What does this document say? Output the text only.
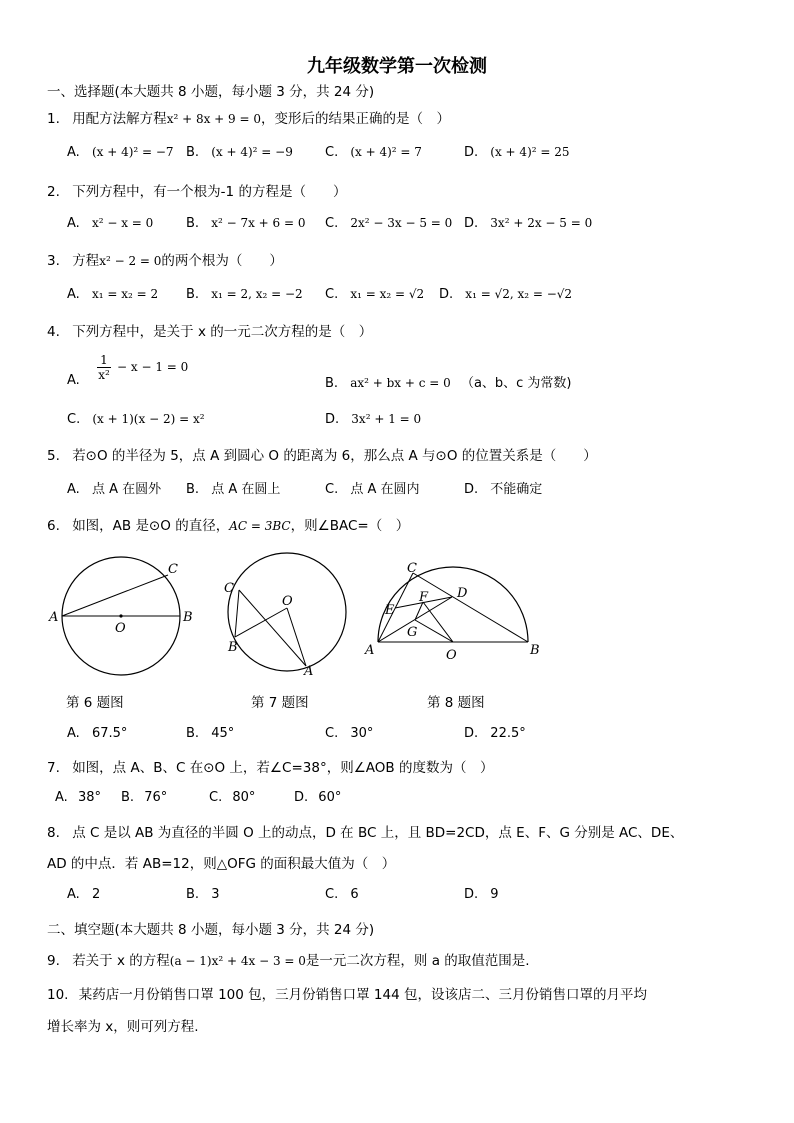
九年级数学第一次检测
一、选择题(本大题共 8 小题，每小题 3 分，共 24 分)
1. 用配方法解方程x² + 8x + 9 = 0，变形后的结果正确的是（　）
A. (x + 4)² = −7 B. (x + 4)² = −9 C. (x + 4)² = 7	D. (x + 4)² = 25
2. 下列方程中，有一个根为-1 的方程是（　　）
A. x² − x = 0	B. x² − 7x + 6 = 0 C. 2x² − 3x − 5 = 0 D. 3x² + 2x − 5 = 0
3. 方程x² − 2 = 0的两个根为（　　）
A. x₁ = x₂ = 2 B. x₁ = 2, x₂ = −2 C. x₁ = x₂ = √2 D. x₁ = √2, x₂ = −√2
4. 下列方程中，是关于 x 的一元二次方程的是（　）
A.
1
x²
− x − 1 = 0
B. ax² + bx + c = 0 （a、b、c 为常数)
C. (x + 1)(x − 2) = x²	D. 3x² + 1 = 0
5. 若⊙O 的半径为 5，点 A 到圆心 O 的距离为 6，那么点 A 与⊙O 的位置关系是（　　）
A. 点 A 在圆外 B. 点 A 在圆上	C. 点 A 在圆内	D. 不能确定
6. 如图，AB 是⊙O 的直径，AC = 3BC，则∠BAC=（　）
A	B
C
O
第 6 题图
C
B
A
O
第 7 题图
C
D
E
F
G
A	B
O
第 8 题图
A. 67.5°	B. 45°	C. 30°	D. 22.5°
7. 如图，点 A、B、C 在⊙O 上，若∠C=38°，则∠AOB 的度数为（　）
A. 38° B. 76°	C. 80°	D. 60°
8. 点 C 是以 AB 为直径的半圆 O 上的动点，D 在 BC 上，且 BD=2CD，点 E、F、G 分别是 AC、DE、
AD 的中点．若 AB=12，则△OFG 的面积最大值为（　）
A. 2	B. 3	C. 6	D. 9
二、填空题(本大题共 8 小题，每小题 3 分，共 24 分)
9. 若关于 x 的方程(a − 1)x² + 4x − 3 = 0是一元二次方程，则 a 的取值范围是.
10. 某药店一月份销售口罩 100 包，三月份销售口罩 144 包，设该店二、三月份销售口罩的月平均
增长率为 x，则可列方程.
